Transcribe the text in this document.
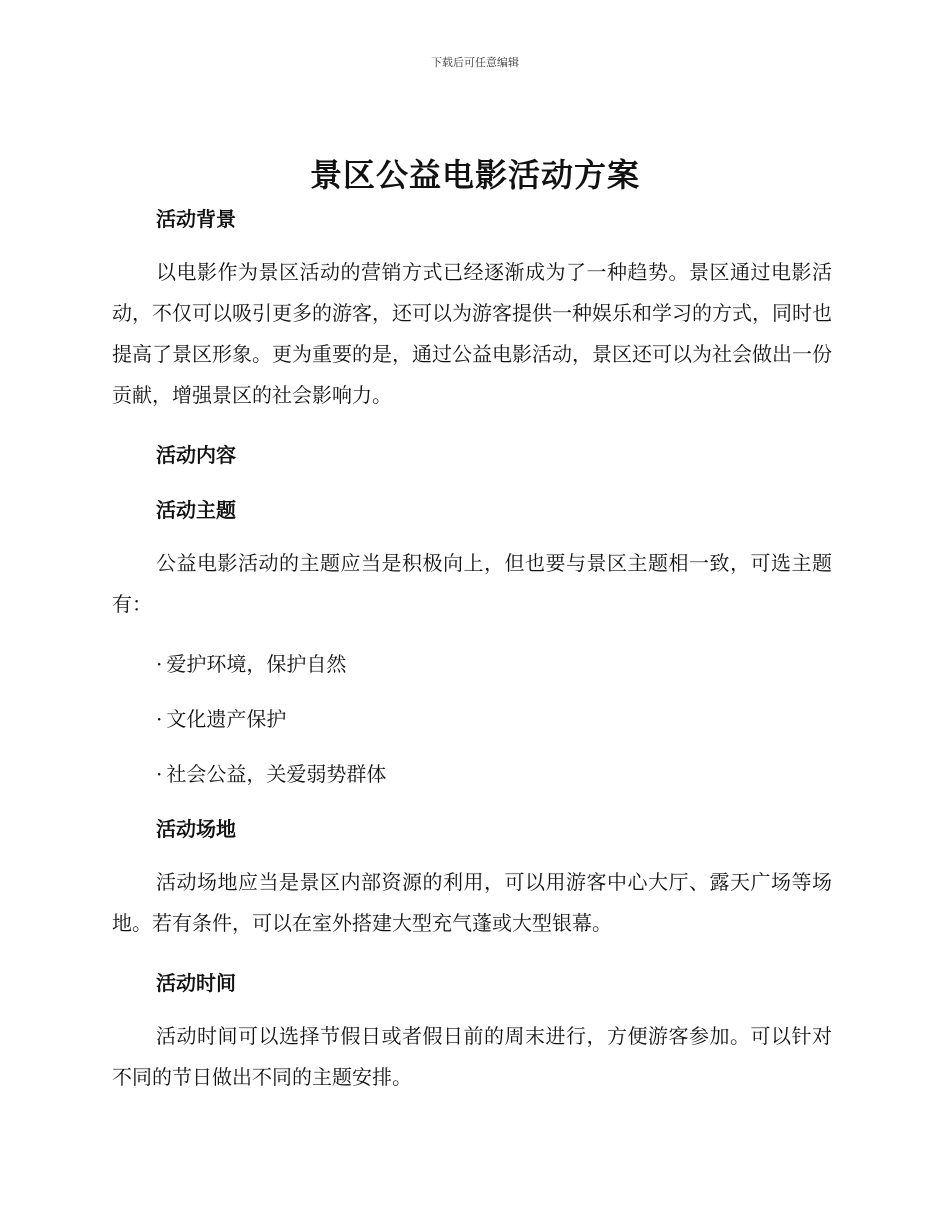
下载后可任意编辑
景区公益电影活动方案
活动背景
以电影作为景区活动的营销方式已经逐渐成为了一种趋势。景区通过电影活动，不仅可以吸引更多的游客，还可以为游客提供一种娱乐和学习的方式，同时也提高了景区形象。更为重要的是，通过公益电影活动，景区还可以为社会做出一份贡献，增强景区的社会影响力。
活动内容
活动主题
公益电影活动的主题应当是积极向上，但也要与景区主题相一致，可选主题有：
· 爱护环境，保护自然
· 文化遗产保护
· 社会公益，关爱弱势群体
活动场地
活动场地应当是景区内部资源的利用，可以用游客中心大厅、露天广场等场地。若有条件，可以在室外搭建大型充气蓬或大型银幕。
活动时间
活动时间可以选择节假日或者假日前的周末进行，方便游客参加。可以针对不同的节日做出不同的主题安排。
